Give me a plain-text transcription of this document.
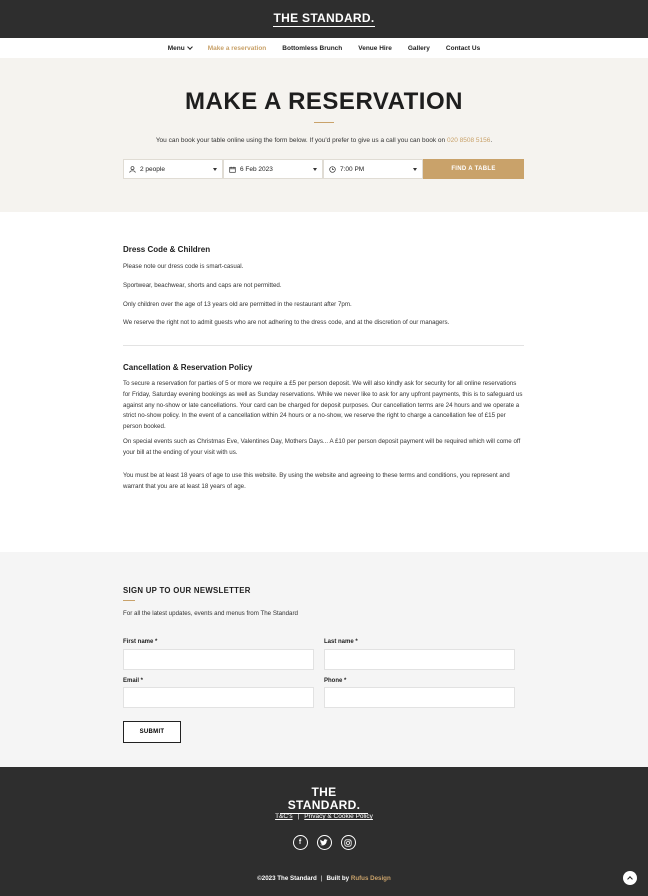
THE STANDARD.
Menu	Make a reservation Bottomless Brunch Venue Hire Gallery Contact Us
MAKE A RESERVATION
You can book your table online using the form below. If you'd prefer to give us a call you can book on 020 8508 5156.
2 people	6 Feb 2023	7:00 PM	FIND A TABLE
Dress Code & Children

Please note our dress code is smart-casual.

Sportwear, beachwear, shorts and caps are not permitted.

Only children over the age of 13 years old are permitted in the restaurant after 7pm.

We reserve the right not to admit guests who are not adhering to the dress code, and at the discretion of our managers.

Cancellation & Reservation Policy

To secure a reservation for parties of 5 or more we require a £5 per person deposit. We will also kindly ask for security for all online reservations for Friday, Saturday evening bookings as well as Sunday reservations. While we never like to ask for any upfront payments, this is to safeguard us against any no-show or late cancellations. Your card can be charged for deposit purposes. Our cancellation terms are 24 hours and we operate a strict no-show policy. In the event of a cancellation within 24 hours or a no-show, we reserve the right to charge a cancellation fee of £15 per person booked.

On special events such as Christmas Eve, Valentines Day, Mothers Days... A £10 per person deposit payment will be required which will come off your bill at the ending of your visit with us.

You must be at least 18 years of age to use this website. By using the website and agreeing to these terms and conditions, you represent and warrant that you are at least 18 years of age.

SIGN UP TO OUR NEWSLETTER
For all the latest updates, events and menus from The Standard
First name *	Last name *
Email *	Phone *
SUBMIT
THE STANDARD.
T&C's | Privacy & Cookie Policy
f
©2023 The Standard | Built by Rufus Design
